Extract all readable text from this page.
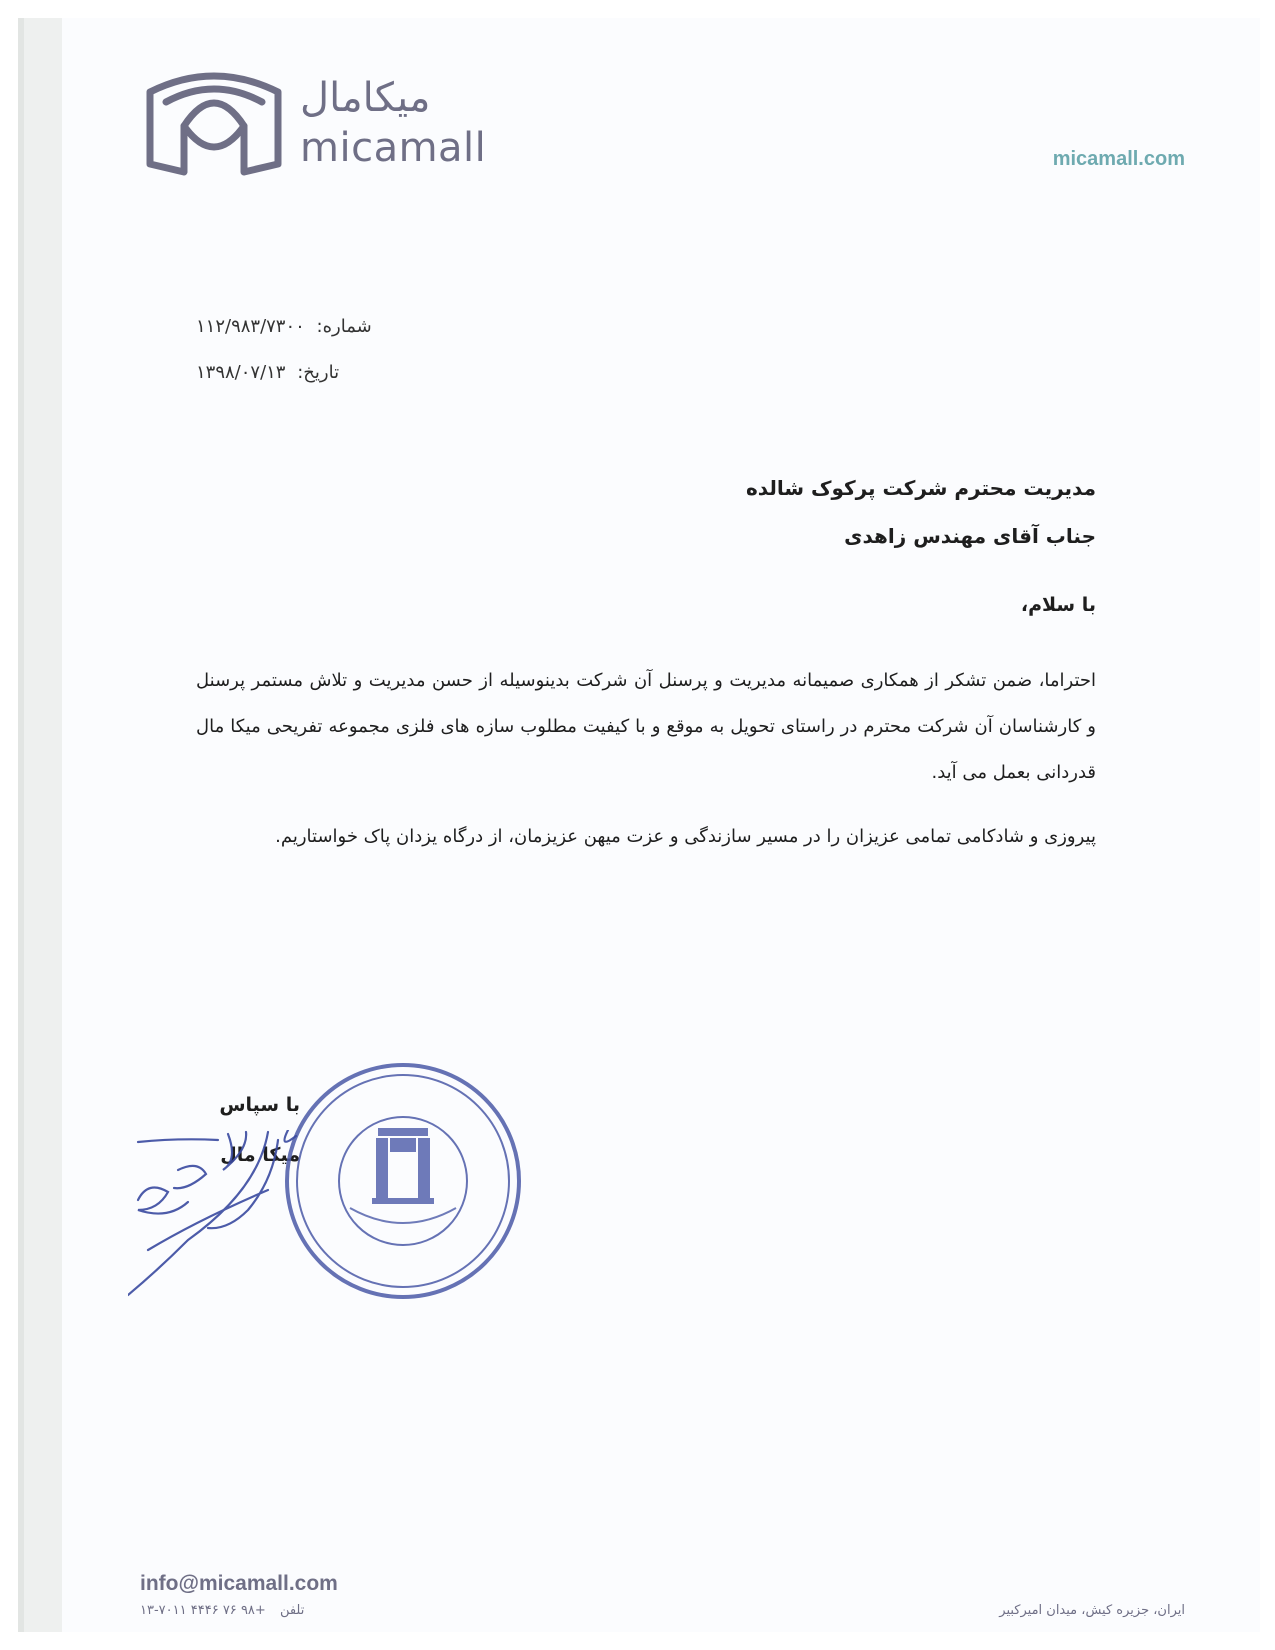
میکامال
micamall	micamall.com
شماره: ۱۱۲/۹۸۳/۷۳۰۰
تاریخ: ۱۳۹۸/۰۷/۱۳
مدیریت محترم شرکت پرکوک شالده
جناب آقای مهندس زاهدی
با سلام،
احتراما، ضمن تشکر از همکاری صمیمانه مدیریت و پرسنل آن شرکت بدینوسیله از حسن مدیریت و تلاش مستمر پرسنل و کارشناسان آن شرکت محترم در راستای تحویل به موقع و با کیفیت مطلوب سازه های فلزی مجموعه تفریحی میکا مال قدردانی بعمل می آید.
پیروزی و شادکامی تمامی عزیزان را در مسیر سازندگی و عزت میهن عزیزمان، از درگاه یزدان پاک خواستاریم.
با سپاس
میکا مال
info@micamall.com
تلفن +۹۸ ۷۶ ۴۴۴۶ ۷۰۱۱-۱۳	ایران، جزیره کیش، میدان امیرکبیر
